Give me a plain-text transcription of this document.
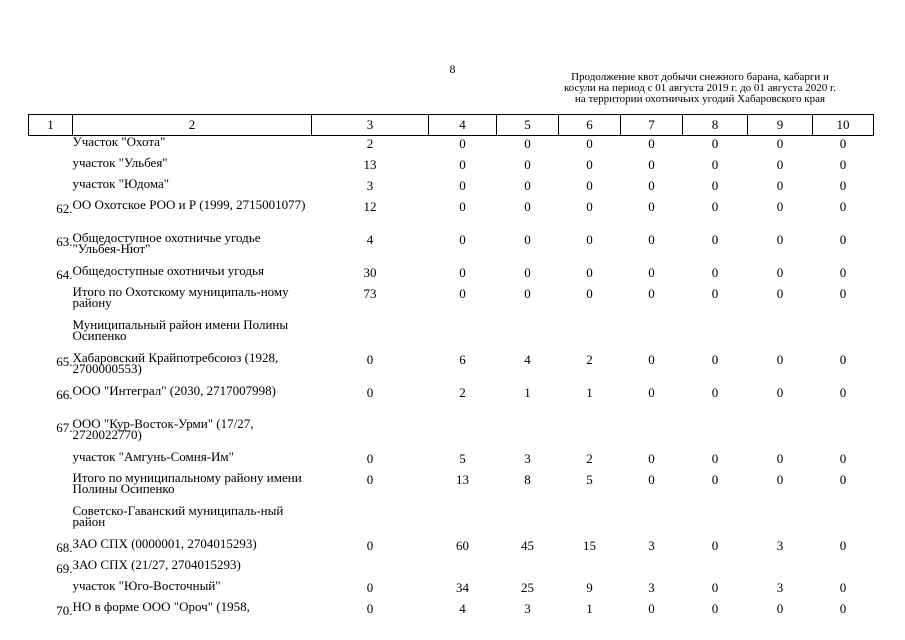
8
Продолжение квот добычи снежного барана, кабарги и
косули на период с 01 августа 2019 г. до 01 августа 2020 г.
на территории охотничьих угодий Хабаровского края
1	2	3	4	5	6	7	8	9	10
	Участок "Охота"	2	0	0	0	0	0	0	0
	участок "Ульбея"	13	0	0	0	0	0	0	0
	участок "Юдома"	3	0	0	0	0	0	0	0
62.	ОО Охотское РОО и Р (1999, 2715001077)	12	0	0	0	0	0	0	0
63.	Общедоступное охотничье угодье "Ульбея-Нют"	4	0	0	0	0	0	0	0
64.	Общедоступные охотничьи угодья	30	0	0	0	0	0	0	0
	Итого по Охотскому муниципаль-ному району	73	0	0	0	0	0	0	0
	Муниципальный район имени Полины Осипенко								
65.	Хабаровский Крайпотребсоюз (1928, 2700000553)	0	6	4	2	0	0	0	0
66.	ООО "Интеграл" (2030, 2717007998)	0	2	1	1	0	0	0	0
67.	ООО "Кур-Восток-Урми" (17/27, 2720022770)								
	участок "Амгунь-Сомня-Им"	0	5	3	2	0	0	0	0
	Итого по муниципальному району имени Полины Осипенко	0	13	8	5	0	0	0	0
	Советско-Гаванский муниципаль-ный район								
68.	ЗАО СПХ (0000001, 2704015293)	0	60	45	15	3	0	3	0
69.	ЗАО СПХ (21/27, 2704015293)								
	участок "Юго-Восточный"	0	34	25	9	3	0	3	0
70.	НО в форме ООО "Ороч" (1958,	0	4	3	1	0	0	0	0
